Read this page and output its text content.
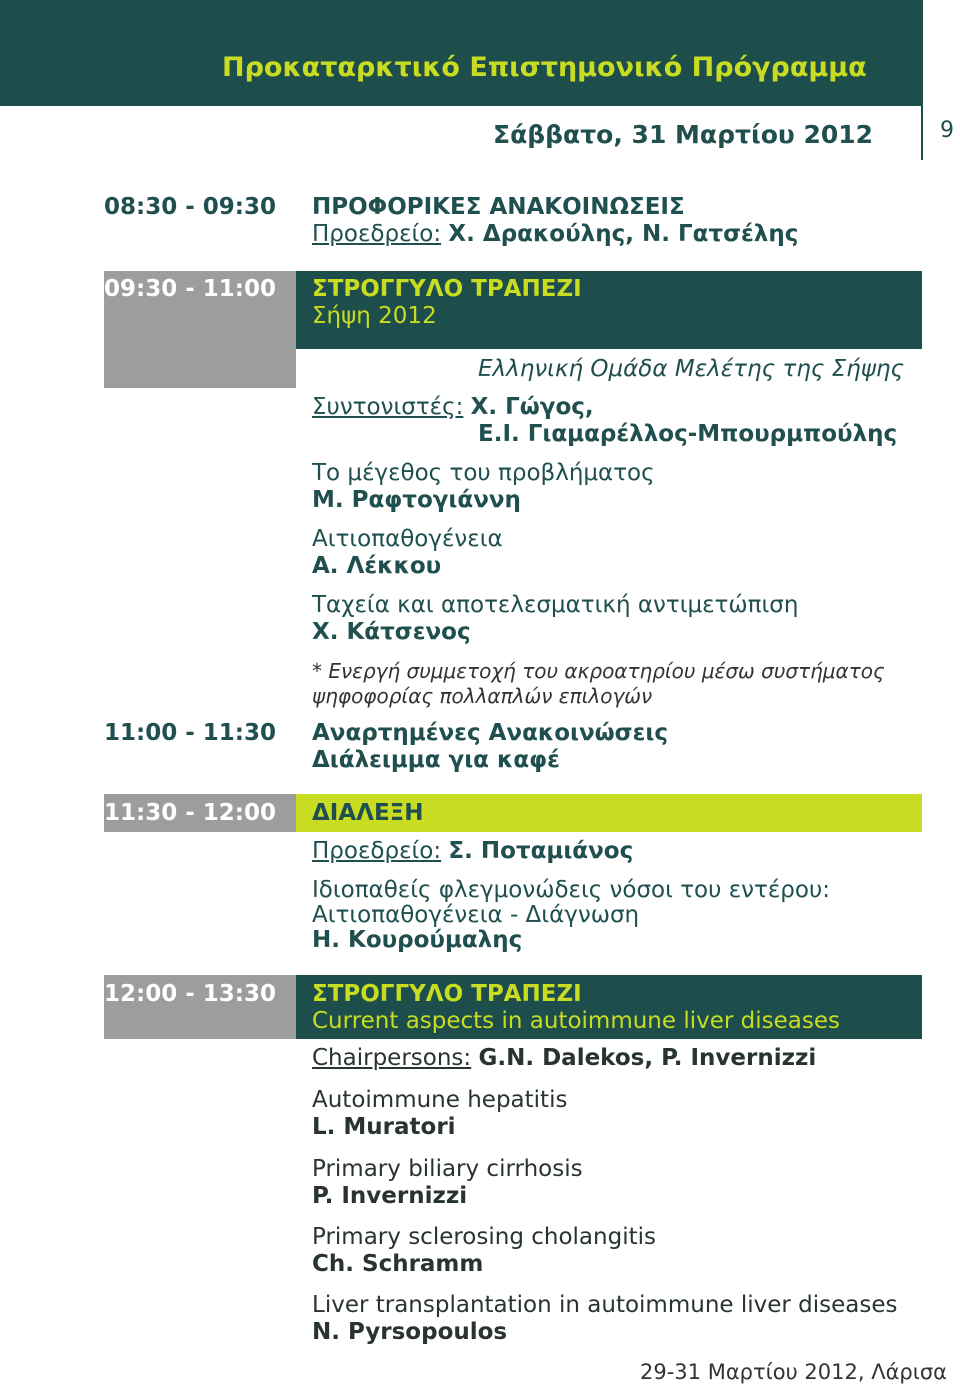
Προκαταρκτικό Επιστημονικό Πρόγραμμα
9
Σάββατο, 31 Μαρτίου 2012
08:30 - 09:30 ΠΡΟΦΟΡΙΚΕΣ ΑΝΑΚΟΙΝΩΣΕΙΣ
Προεδρείο: Χ. Δρακούλης, Ν. Γατσέλης
09:30 - 11:00 ΣΤΡΟΓΓΥΛΟ ΤΡΑΠΕΖΙ
Σήψη 2012
Ελληνική Ομάδα Μελέτης της Σήψης
Συντονιστές: Χ. Γώγος,
Ε.Ι. Γιαμαρέλλος-Μπουρμπούλης
Το μέγεθος του προβλήματος
Μ. Ραφτογιάννη
Αιτιοπαθογένεια
Α. Λέκκου
Ταχεία και αποτελεσματική αντιμετώπιση
Χ. Κάτσενος
* Ενεργή συμμετοχή του ακροατηρίου μέσω συστήματος
ψηφοφορίας πολλαπλών επιλογών
11:00 - 11:30 Αναρτημένες Ανακοινώσεις
Διάλειμμα για καφέ
11:30 - 12:00 ΔΙΑΛΕΞΗ
Προεδρείο: Σ. Ποταμιάνος
Ιδιοπαθείς φλεγμονώδεις νόσοι του εντέρου:
Αιτιοπαθογένεια - Διάγνωση
Η. Κουρούμαλης
12:00 - 13:30 ΣΤΡΟΓΓΥΛΟ ΤΡΑΠΕΖΙ
Current aspects in autoimmune liver diseases
Chairpersons: G.N. Dalekos, P. Invernizzi
Autoimmune hepatitis
L. Muratori
Primary biliary cirrhosis
P. Invernizzi
Primary sclerosing cholangitis
Ch. Schramm
Liver transplantation in autoimmune liver diseases
N. Pyrsopoulos
29-31 Μαρτίου 2012, Λάρισα
